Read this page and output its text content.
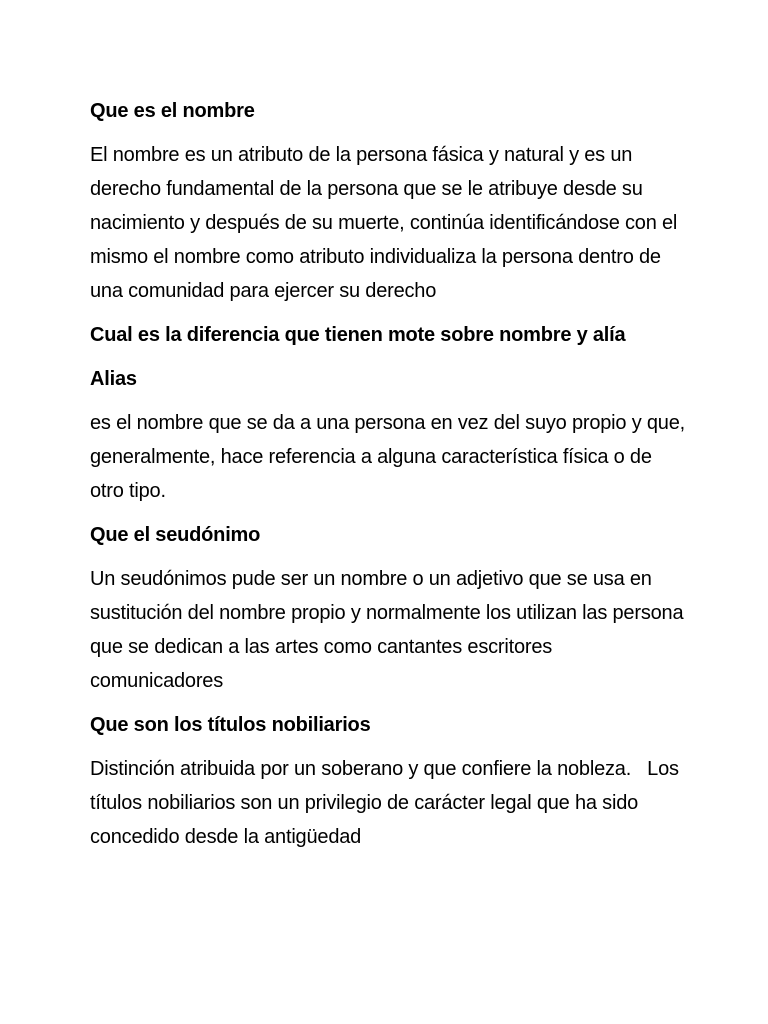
Que es el nombre
El nombre es un atributo de la persona fásica y natural y es un derecho fundamental de la persona que se le atribuye desde su nacimiento y después de su muerte, continúa identificándose con el mismo el nombre como atributo individualiza la persona dentro de una comunidad para ejercer su derecho
Cual es la diferencia que tienen mote sobre nombre y alía
Alias
es el nombre que se da a una persona en vez del suyo propio y que, generalmente, hace referencia a alguna característica física o de otro tipo.
Que el seudónimo
Un seudónimos pude ser un nombre o un adjetivo que se usa en sustitución del nombre propio y normalmente los utilizan las persona que se dedican a las artes como cantantes escritores comunicadores
Que son los títulos nobiliarios
Distinción atribuida por un soberano y que confiere la nobleza.   Los títulos nobiliarios son un privilegio de carácter legal que ha sido concedido desde la antigüedad
